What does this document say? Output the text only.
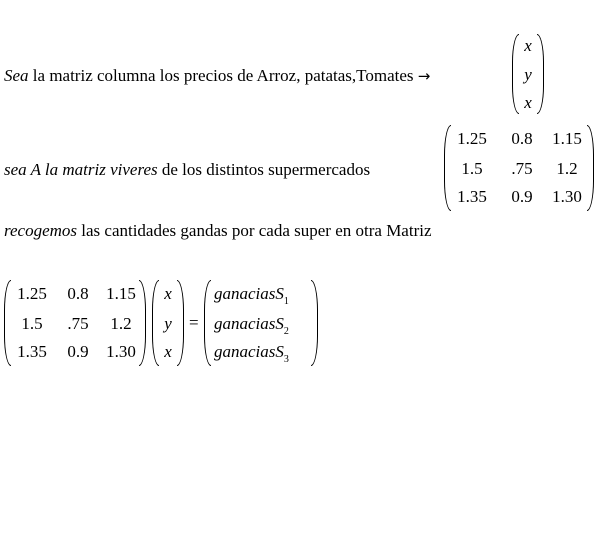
Sea la matriz columna los precios de Arroz, patatas,Tomates →
x
y
x
sea A la matriz viveres de los distintos supermercados
1.25	0.8	1.15
1.5	.75	1.2
1.35	0.9	1.30
recogemos las cantidades gandas por cada super en otra Matriz
1.25	0.8	1.15
1.5	.75	1.2
1.35	0.9	1.30
x
y
x
=
ganaciasS$_1$
ganaciasS$_2$
ganaciasS$_3$
